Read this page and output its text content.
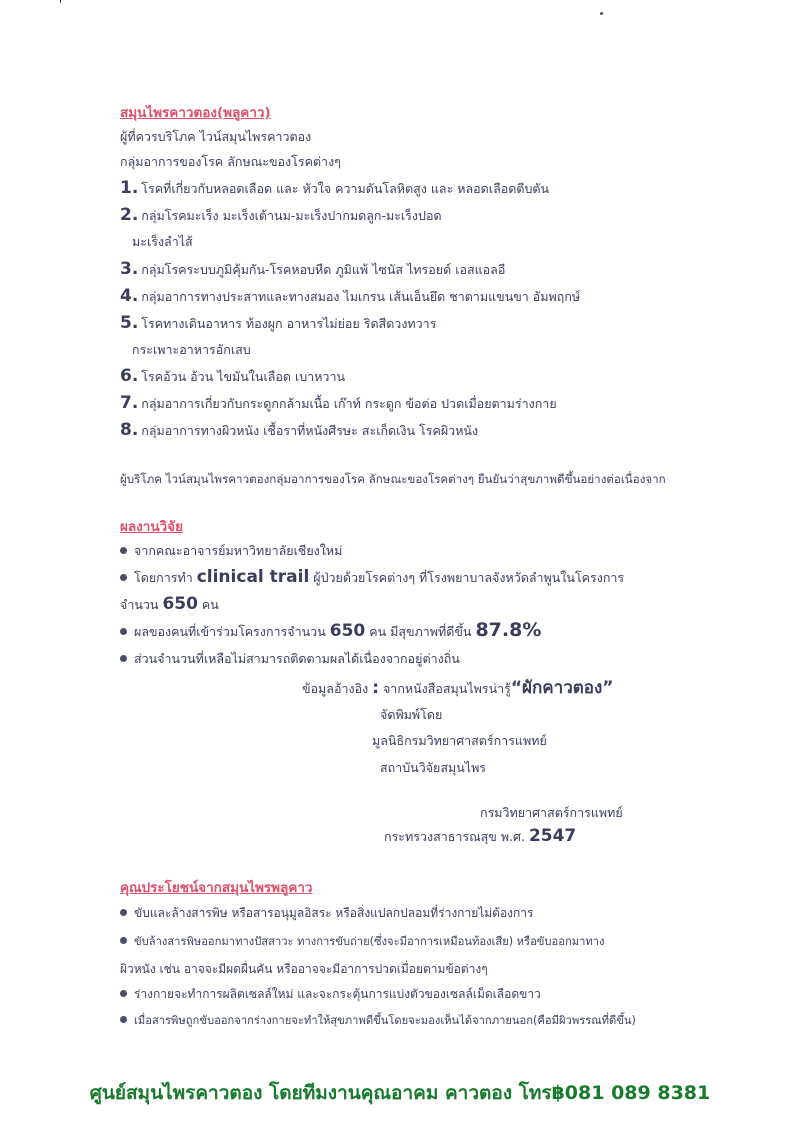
สมุนไพรคาวตอง(พลูคาว)
ผู้ที่ควรบริโภค ไวน์สมุนไพรคาวตอง
กลุ่มอาการของโรค ลักษณะของโรคต่างๆ
1. โรคที่เกี่ยวกับหลอดเลือด และ หัวใจ ความดันโลหิตสูง และ หลอดเลือดตีบตัน
2. กลุ่มโรคมะเร็ง มะเร็งเต้านม-มะเร็งปากมดลูก-มะเร็งปอด
มะเร็งลำไส้
3. กลุ่มโรคระบบภูมิคุ้มกัน-โรคหอบหืด ภูมิแพ้ ไซนัส ไทรอยด์ เอสแอลอี
4. กลุ่มอาการทางประสาทและทางสมอง ไมเกรน เส้นเอ็นยึด ชาตามแขนขา อัมพฤกษ์
5. โรคทางเดินอาหาร ท้องผูก อาหารไม่ย่อย ริดสีดวงทวาร
กระเพาะอาหารอักเสบ
6. โรคอ้วน อ้วน ไขมันในเลือด เบาหวาน
7. กลุ่มอาการเกี่ยวกับกระดูกกล้ามเนื้อ เก๊าท์ กระดูก ข้อต่อ ปวดเมื่อยตามร่างกาย
8. กลุ่มอาการทางผิวหนัง เชื้อราที่หนังศีรษะ สะเก็ดเงิน โรคผิวหนัง
ผู้บริโภค ไวน์สมุนไพรคาวตองกลุ่มอาการของโรค ลักษณะของโรคต่างๆ ยืนยันว่าสุขภาพดีขึ้นอย่างต่อเนื่องจาก
ผลงานวิจัย
จากคณะอาจารย์มหาวิทยาลัยเชียงใหม่
โดยการทำ clinical trail ผู้ป่วยด้วยโรคต่างๆ ที่โรงพยาบาลจังหวัดลำพูนในโครงการ
จำนวน 650 คน
ผลของคนที่เข้าร่วมโครงการจำนวน 650 คน มีสุขภาพที่ดีขึ้น 87.8%
ส่วนจำนวนที่เหลือไม่สามารถติดตามผลได้เนื่องจากอยู่ต่างถิ่น
ข้อมูลอ้างอิง : จากหนังสือสมุนไพรน่ารู้“ผักคาวตอง”
จัดพิมพ์โดย
มูลนิธิกรมวิทยาศาสตร์การแพทย์
สถาบันวิจัยสมุนไพร
กรมวิทยาศาสตร์การแพทย์
กระทรวงสาธารณสุข พ.ศ. 2547
คุณประโยชน์จากสมุนไพรพลูคาว
ขับและล้างสารพิษ หรือสารอนุมูลอิสระ หรือสิ่งแปลกปลอมที่ร่างกายไม่ต้องการ
ขับล้างสารพิษออกมาทางปัสสาวะ ทางการขับถ่าย(ซึ่งจะมีอาการเหมือนท้องเสีย) หรือขับออกมาทาง
ผิวหนัง เช่น อาจจะมีผดผื่นคัน หรืออาจจะมีอาการปวดเมื่อยตามข้อต่างๆ
ร่างกายจะทำการผลิตเซลล์ใหม่ และจะกระตุ้นการแบ่งตัวของเซลล์เม็ดเลือดขาว
เมื่อสารพิษถูกขับออกจากร่างกายจะทำให้สุขภาพดีขึ้นโดยจะมองเห็นได้จากภายนอก(คือมีผิวพรรณที่ดีขึ้น)
ศูนย์สมุนไพรคาวตอง โดยทีมงานคุณอาคม คาวตอง โทร฿081 089 8381
